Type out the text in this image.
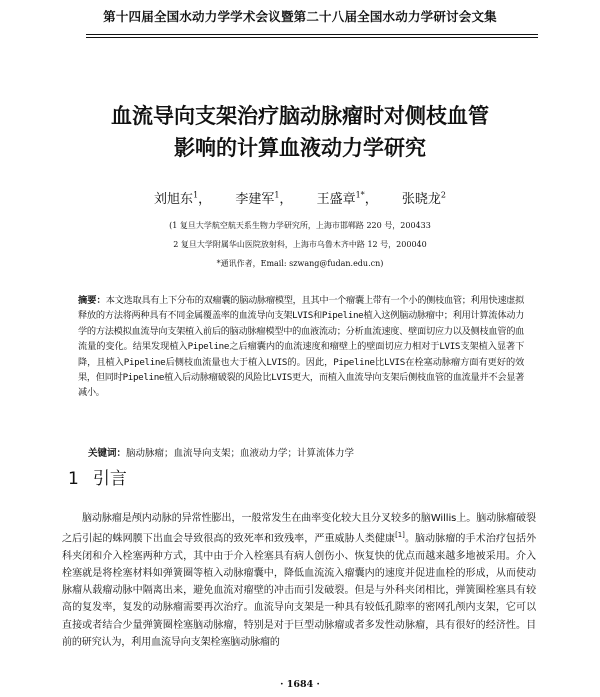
第十四届全国水动力学学术会议暨第二十八届全国水动力学研讨会文集
血流导向支架治疗脑动脉瘤时对侧枝血管
影响的计算血液动力学研究
刘旭东$^1$， 李建军$^1$， 王盛章$^{1*}$， 张晓龙$^2$
(1 复旦大学航空航天系生物力学研究所，上海市邯郸路 220 号，200433
2 复旦大学附属华山医院放射科，上海市乌鲁木齐中路 12 号，200040
*通讯作者，Email: szwang@fudan.edu.cn)
摘要：本文选取具有上下分布的双瘤囊的脑动脉瘤模型，且其中一个瘤囊上带有一个小的侧枝血管；利用快速虚拟释放的方法将两种具有不同金属覆盖率的血流导向支架LVIS和Pipeline植入这例脑动脉瘤中；利用计算流体动力学的方法模拟血流导向支架植入前后的脑动脉瘤模型中的血液流动；分析血流速度、壁面切应力以及侧枝血管的血流量的变化。结果发现植入Pipeline之后瘤囊内的血流速度和瘤壁上的壁面切应力相对于LVIS支架植入显著下降，且植入Pipeline后侧枝血流量也大于植入LVIS的。因此，Pipeline比LVIS在栓塞动脉瘤方面有更好的效果，但同时Pipeline植入后动脉瘤破裂的风险比LVIS更大，而植入血流导向支架后侧枝血管的血流量并不会显著减小。
关键词：脑动脉瘤；血流导向支架；血液动力学；计算流体力学
1 引言
脑动脉瘤是颅内动脉的异常性膨出，一般常发生在曲率变化较大且分叉较多的脑Willis上。脑动脉瘤破裂之后引起的蛛网膜下出血会导致很高的致死率和致残率，严重威胁人类健康[1]。脑动脉瘤的手术治疗包括外科夹闭和介入栓塞两种方式，其中由于介入栓塞具有病人创伤小、恢复快的优点而越来越多地被采用。介入栓塞就是将栓塞材料如弹簧圈等植入动脉瘤囊中，降低血流流入瘤囊内的速度并促进血栓的形成，从而使动脉瘤从载瘤动脉中隔离出来，避免血流对瘤壁的冲击而引发破裂。但是与外科夹闭相比，弹簧圈栓塞具有较高的复发率，复发的动脉瘤需要再次治疗。血流导向支架是一种具有较低孔隙率的密网孔颅内支架，它可以直接或者结合少量弹簧圈栓塞脑动脉瘤，特别是对于巨型动脉瘤或者多发性动脉瘤，具有很好的经济性。目前的研究认为，利用血流导向支架栓塞脑动脉瘤的
· 1684 ·
